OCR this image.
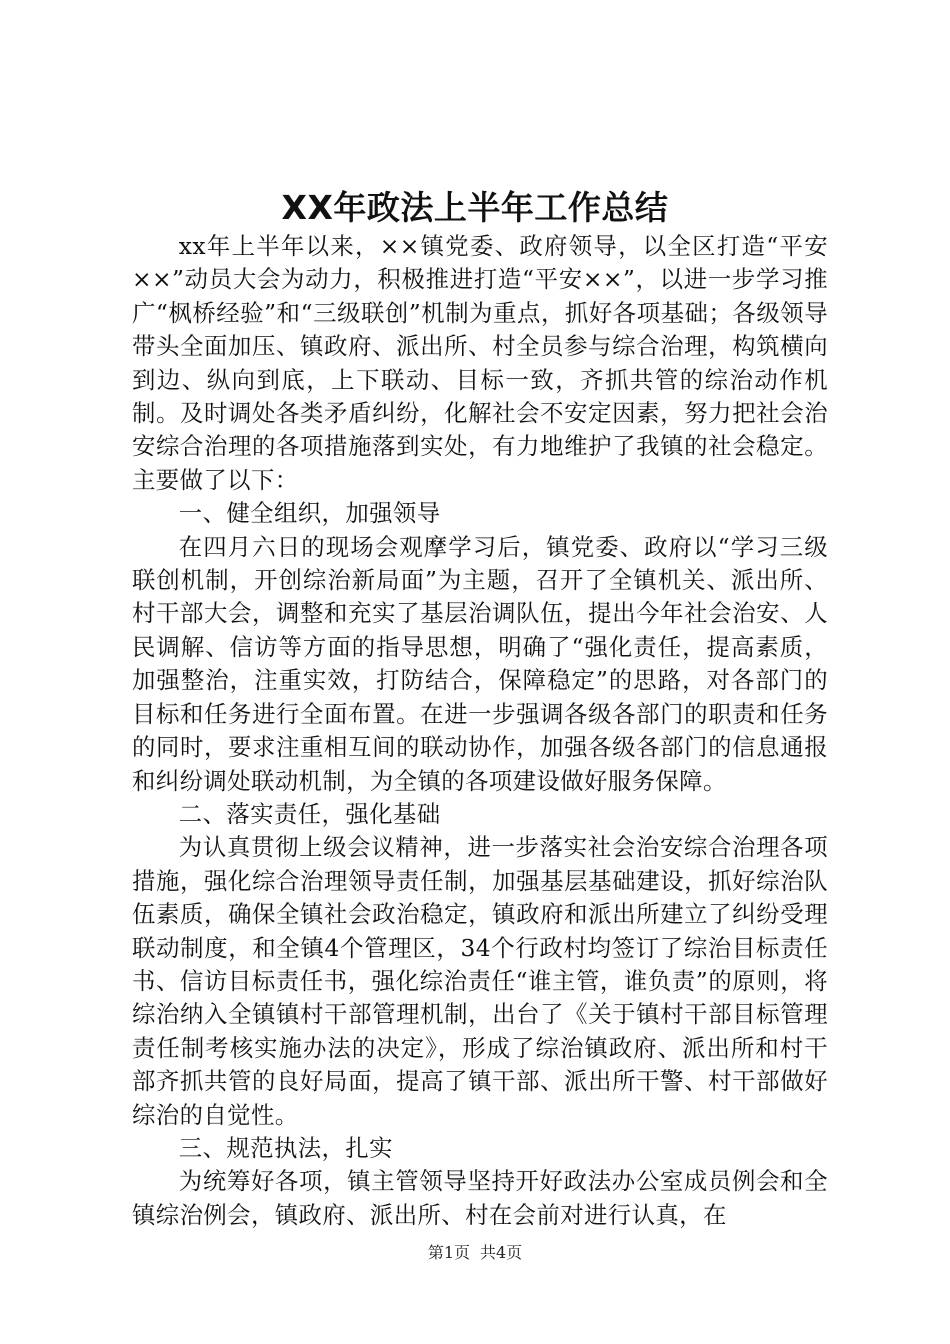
XX年政法上半年工作总结

xx年上半年以来，××镇党委、政府领导，以全区打造“平安××”动员大会为动力，积极推进打造“平安××”，以进一步学习推广“枫桥经验”和“三级联创”机制为重点，抓好各项基础；各级领导带头全面加压、镇政府、派出所、村全员参与综合治理，构筑横向到边、纵向到底，上下联动、目标一致，齐抓共管的综治动作机制。及时调处各类矛盾纠纷，化解社会不安定因素，努力把社会治安综合治理的各项措施落到实处，有力地维护了我镇的社会稳定。主要做了以下：

一、健全组织，加强领导

在四月六日的现场会观摩学习后，镇党委、政府以“学习三级联创机制，开创综治新局面”为主题，召开了全镇机关、派出所、村干部大会，调整和充实了基层治调队伍，提出今年社会治安、人民调解、信访等方面的指导思想，明确了“强化责任，提高素质，加强整治，注重实效，打防结合，保障稳定”的思路，对各部门的目标和任务进行全面布置。在进一步强调各级各部门的职责和任务的同时，要求注重相互间的联动协作，加强各级各部门的信息通报和纠纷调处联动机制，为全镇的各项建设做好服务保障。

二、落实责任，强化基础

为认真贯彻上级会议精神，进一步落实社会治安综合治理各项措施，强化综合治理领导责任制，加强基层基础建设，抓好综治队伍素质，确保全镇社会政治稳定，镇政府和派出所建立了纠纷受理联动制度，和全镇4个管理区，34个行政村均签订了综治目标责任书、信访目标责任书，强化综治责任“谁主管，谁负责”的原则，将综治纳入全镇镇村干部管理机制，出台了《关于镇村干部目标管理责任制考核实施办法的决定》，形成了综治镇政府、派出所和村干部齐抓共管的良好局面，提高了镇干部、派出所干警、村干部做好综治的自觉性。

三、规范执法，扎实

为统筹好各项，镇主管领导坚持开好政法办公室成员例会和全镇综治例会，镇政府、派出所、村在会前对进行认真，在

第1页 共4页
